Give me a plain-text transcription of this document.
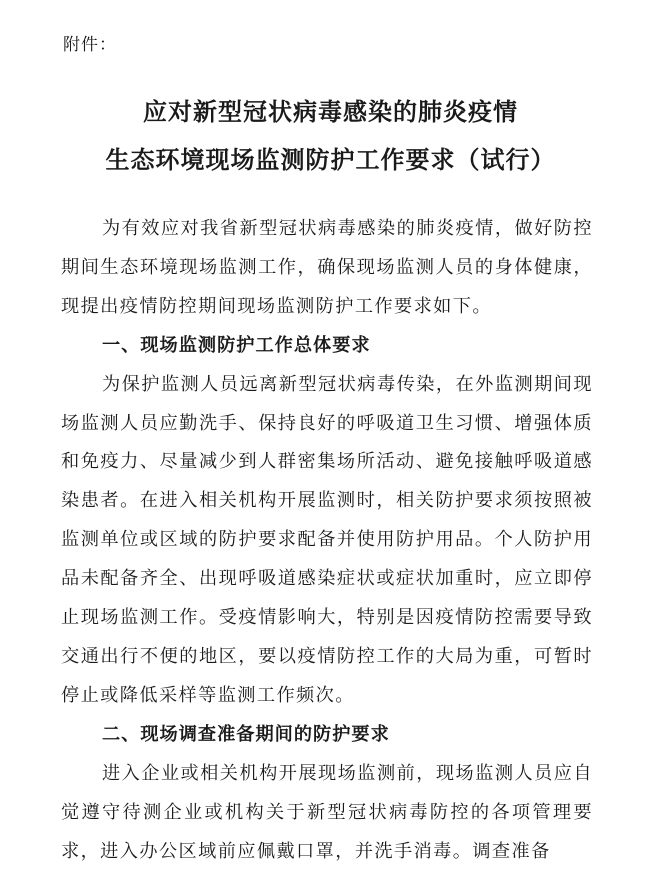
附件：
应对新型冠状病毒感染的肺炎疫情
生态环境现场监测防护工作要求（试行）

为有效应对我省新型冠状病毒感染的肺炎疫情，做好防控期间生态环境现场监测工作，确保现场监测人员的身体健康，现提出疫情防控期间现场监测防护工作要求如下。

一、现场监测防护工作总体要求

为保护监测人员远离新型冠状病毒传染，在外监测期间现场监测人员应勤洗手、保持良好的呼吸道卫生习惯、增强体质和免疫力、尽量减少到人群密集场所活动、避免接触呼吸道感染患者。在进入相关机构开展监测时，相关防护要求须按照被监测单位或区域的防护要求配备并使用防护用品。个人防护用品未配备齐全、出现呼吸道感染症状或症状加重时，应立即停止现场监测工作。受疫情影响大，特别是因疫情防控需要导致交通出行不便的地区，要以疫情防控工作的大局为重，可暂时停止或降低采样等监测工作频次。

二、现场调查准备期间的防护要求

进入企业或相关机构开展现场监测前，现场监测人员应自觉遵守待测企业或机构关于新型冠状病毒防控的各项管理要求，进入办公区域前应佩戴口罩，并洗手消毒。调查准备
